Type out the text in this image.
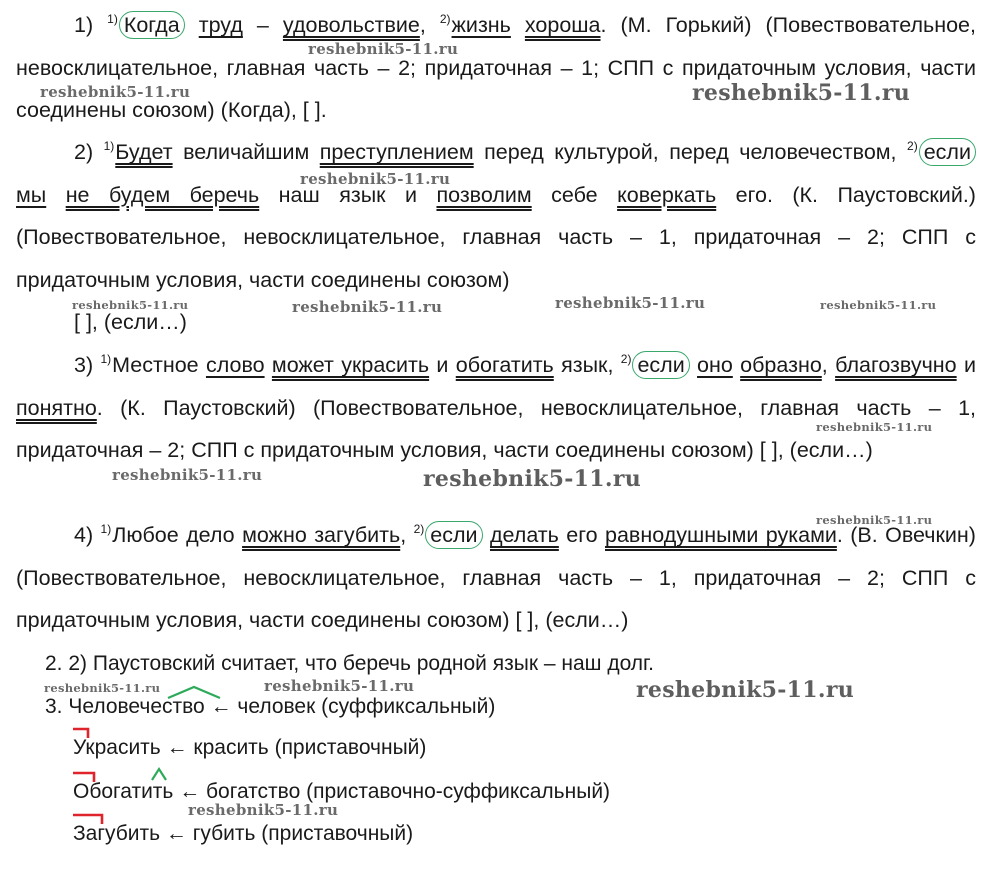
1) $^{1)}$ Когда труд – удовольствие, $^{2)}$жизнь хороша. (М. Горький) (Повествовательное, невосклицательное, главная часть – 2; придаточная – 1; СПП с придаточным условия, части соединены союзом) (Когда), [ ].

2) $^{1)}$Будет величайшим преступлением перед культурой, перед человечеством, $^{2)}$ если мы не будем беречь наш язык и позволим себе коверкать его. (К. Паустовский.) (Повествовательное, невосклицательное, главная часть – 1, придаточная – 2; СПП с придаточным условия, части соединены союзом)
[ ], (если…)

3) $^{1)}$Местное слово может украсить и обогатить язык, $^{2)}$ если оно образно, благозвучно и понятно. (К. Паустовский) (Повествовательное, невосклицательное, главная часть – 1, придаточная – 2; СПП с придаточным условия, части соединены союзом) [ ], (если…)

4) $^{1)}$Любое дело можно загубить, $^{2)}$ если делать его равнодушными руками. (В. Овечкин) (Повествовательное, невосклицательное, главная часть – 1, придаточная – 2; СПП с придаточным условия, части соединены союзом) [ ], (если…)

2. 2) Паустовский считает, что беречь родной язык – наш долг.

3. Человечество ← человек (суффиксальный)

Украсить ← красить (приставочный)

Обогатить ← богатство (приставочно-суффиксальный)

Загубить ← губить (приставочный)

reshebnik5-11.ru
reshebnik5-11.ru	reshebnik5-11.ru
reshebnik5-11.ru
reshebnik5-11.ru	reshebnik5-11.ru	reshebnik5-11.ru	reshebnik5-11.ru
reshebnik5-11.ru
reshebnik5-11.ru	reshebnik5-11.ru
reshebnik5-11.ru
reshebnik5-11.ru	reshebnik5-11.ru	reshebnik5-11.ru
reshebnik5-11.ru
